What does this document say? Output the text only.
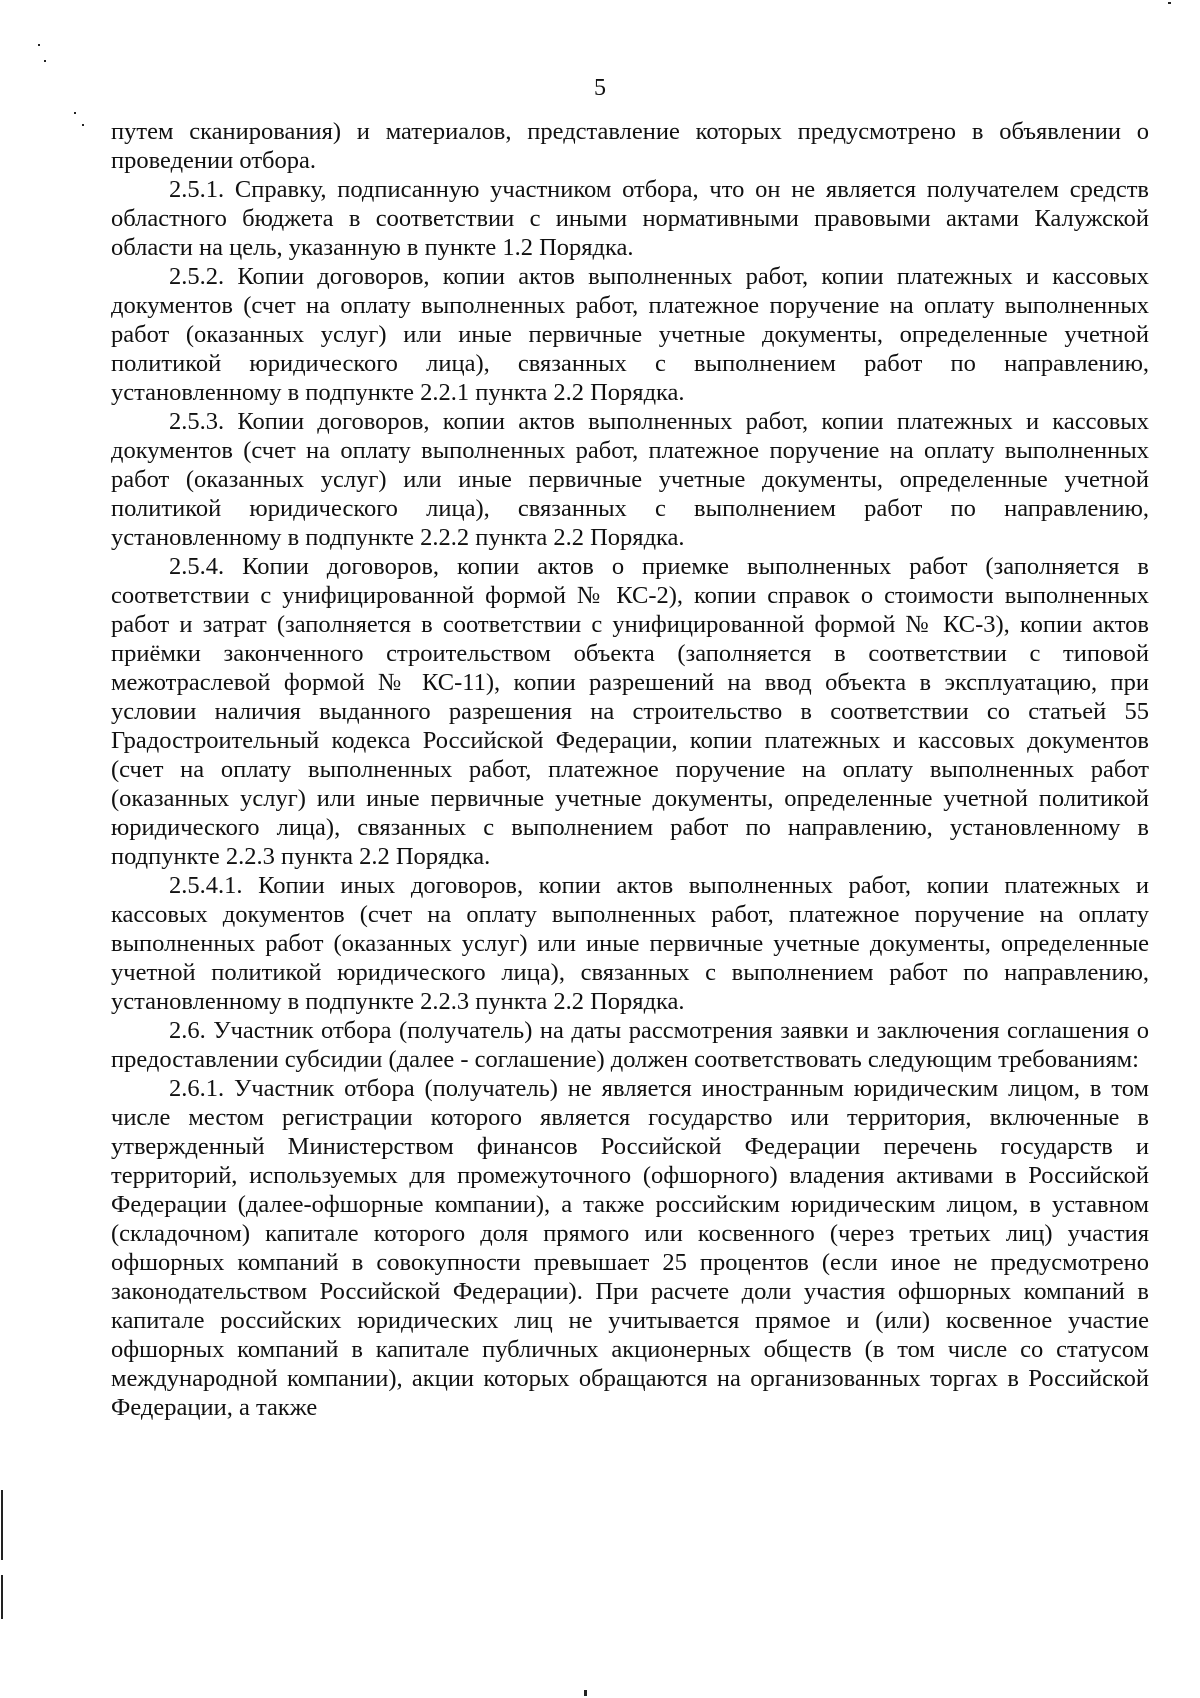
5

путем сканирования) и материалов, представление которых предусмотрено в объявлении о проведении отбора.

2.5.1. Справку, подписанную участником отбора, что он не является получателем средств областного бюджета в соответствии с иными нормативными правовыми актами Калужской области на цель, указанную в пункте 1.2 Порядка.

2.5.2. Копии договоров, копии актов выполненных работ, копии платежных и кассовых документов (счет на оплату выполненных работ, платежное поручение на оплату выполненных работ (оказанных услуг) или иные первичные учетные документы, определенные учетной политикой юридического лица), связанных с выполнением работ по направлению, установленному в подпункте 2.2.1 пункта 2.2 Порядка.

2.5.3. Копии договоров, копии актов выполненных работ, копии платежных и кассовых документов (счет на оплату выполненных работ, платежное поручение на оплату выполненных работ (оказанных услуг) или иные первичные учетные документы, определенные учетной политикой юридического лица), связанных с выполнением работ по направлению, установленному в подпункте 2.2.2 пункта 2.2 Порядка.

2.5.4. Копии договоров, копии актов о приемке выполненных работ (заполняется в соответствии с унифицированной формой № КС-2), копии справок о стоимости выполненных работ и затрат (заполняется в соответствии с унифицированной формой № КС-3), копии актов приёмки законченного строительством объекта (заполняется в соответствии с типовой межотраслевой формой № КС-11), копии разрешений на ввод объекта в эксплуатацию, при условии наличия выданного разрешения на строительство в соответствии со статьей 55 Градостроительный кодекса Российской Федерации, копии платежных и кассовых документов (счет на оплату выполненных работ, платежное поручение на оплату выполненных работ (оказанных услуг) или иные первичные учетные документы, определенные учетной политикой юридического лица), связанных с выполнением работ по направлению, установленному в подпункте 2.2.3 пункта 2.2 Порядка.

2.5.4.1. Копии иных договоров, копии актов выполненных работ, копии платежных и кассовых документов (счет на оплату выполненных работ, платежное поручение на оплату выполненных работ (оказанных услуг) или иные первичные учетные документы, определенные учетной политикой юридического лица), связанных с выполнением работ по направлению, установленному в подпункте 2.2.3 пункта 2.2 Порядка.

2.6. Участник отбора (получатель) на даты рассмотрения заявки и заключения соглашения о предоставлении субсидии (далее - соглашение) должен соответствовать следующим требованиям:

2.6.1. Участник отбора (получатель) не является иностранным юридическим лицом, в том числе местом регистрации которого является государство или территория, включенные в утвержденный Министерством финансов Российской Федерации перечень государств и территорий, используемых для промежуточного (офшорного) владения активами в Российской Федерации (далее-офшорные компании), а также российским юридическим лицом, в уставном (складочном) капитале которого доля прямого или косвенного (через третьих лиц) участия офшорных компаний в совокупности превышает 25 процентов (если иное не предусмотрено законодательством Российской Федерации). При расчете доли участия офшорных компаний в капитале российских юридических лиц не учитывается прямое и (или) косвенное участие офшорных компаний в капитале публичных акционерных обществ (в том числе со статусом международной компании), акции которых обращаются на организованных торгах в Российской Федерации, а также
